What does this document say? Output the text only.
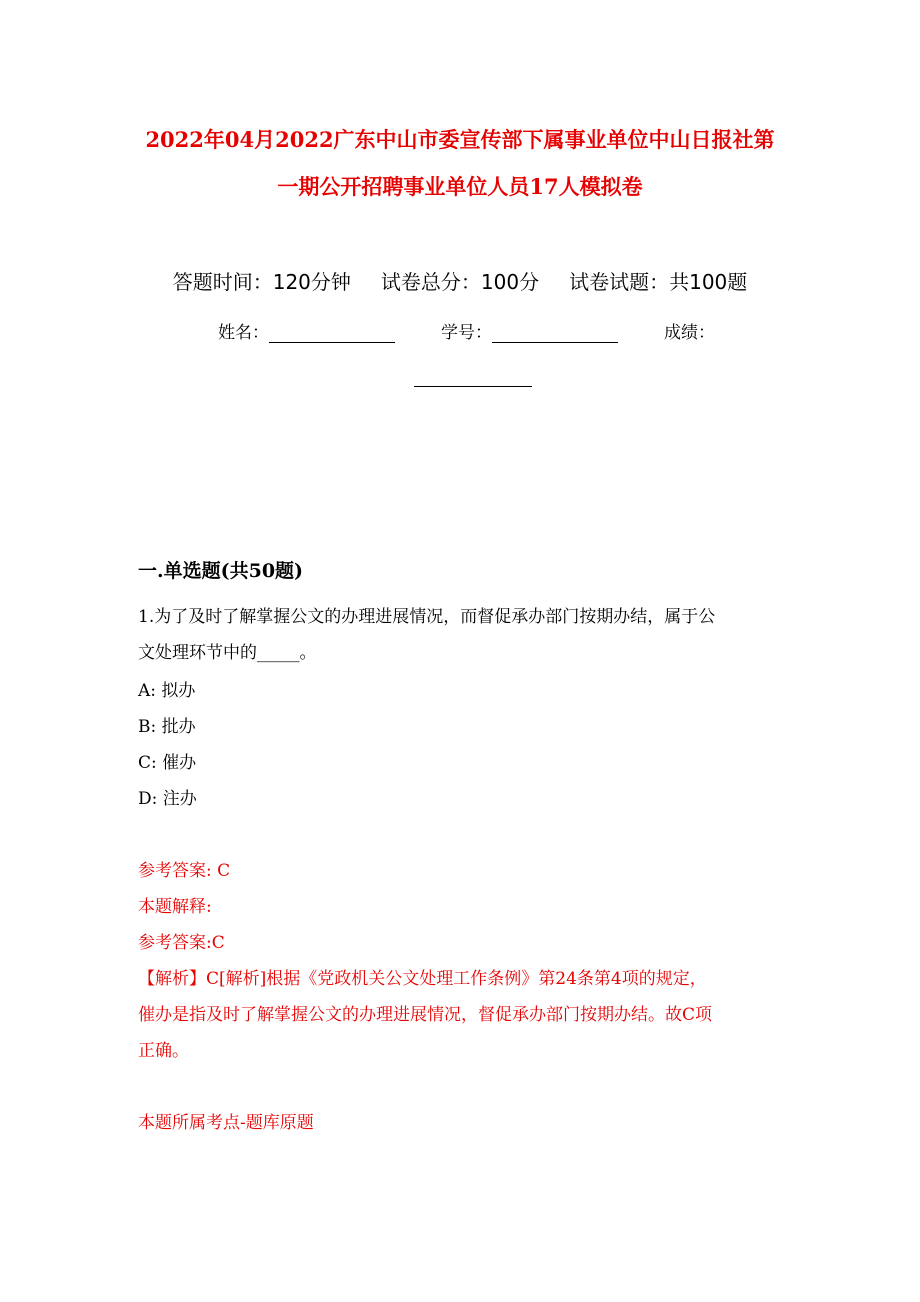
2022年04月2022广东中山市委宣传部下属事业单位中山日报社第
一期公开招聘事业单位人员17人模拟卷
答题时间：120分钟 试卷总分：100分 试卷试题：共100题
姓名：	学号：	成绩：
一.单选题(共50题)
1.为了及时了解掌握公文的办理进展情况，而督促承办部门按期办结，属于公
文处理环节中的_____。
A: 拟办
B: 批办
C: 催办
D: 注办
参考答案: C
本题解释:
参考答案:C
【解析】C[解析]根据《党政机关公文处理工作条例》第24条第4项的规定，
催办是指及时了解掌握公文的办理进展情况，督促承办部门按期办结。故C项
正确。
本题所属考点-题库原题
